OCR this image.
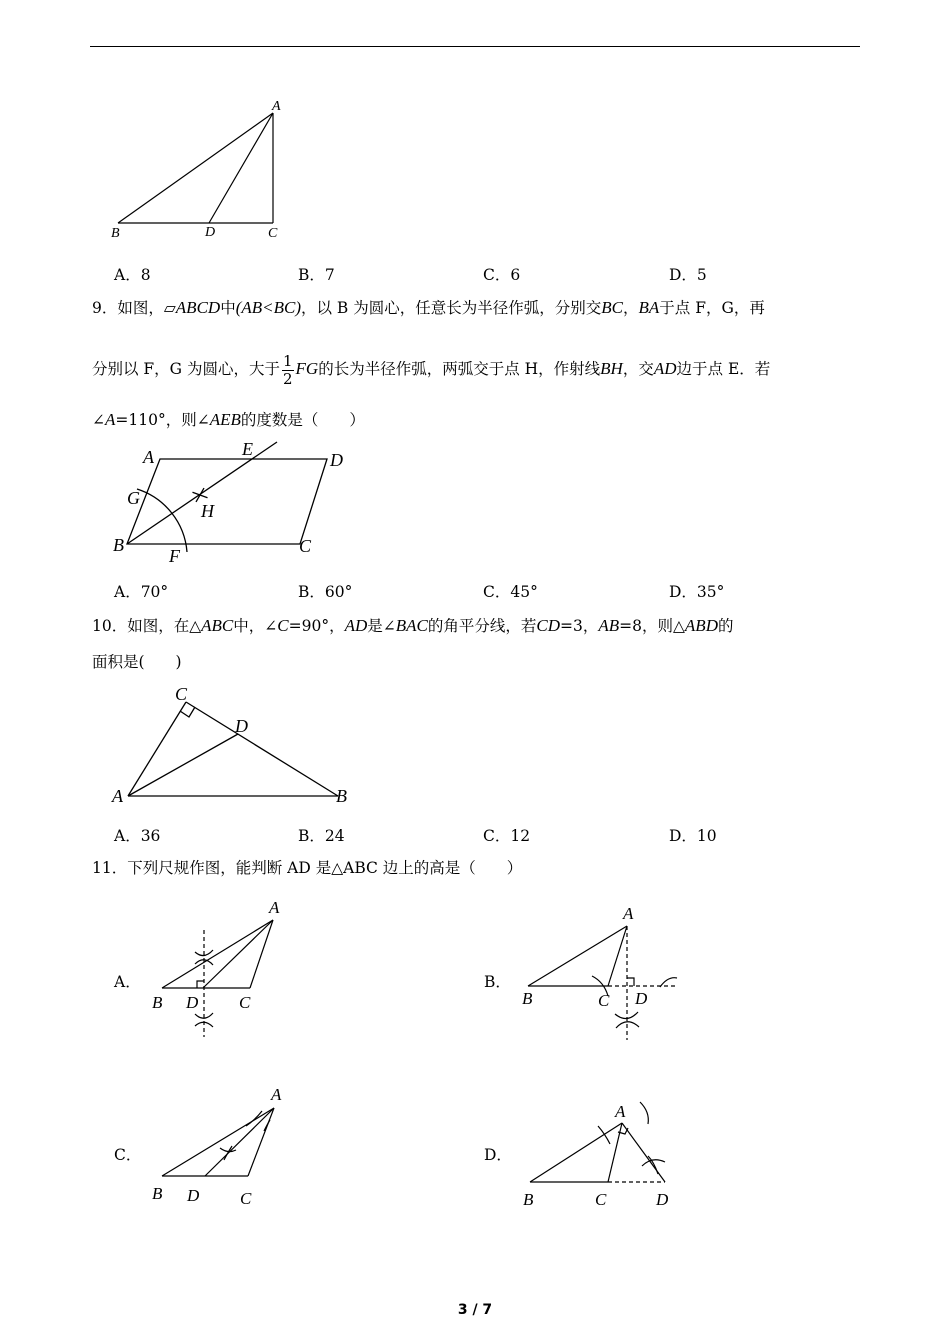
A
B	D	C
A．8	B．7	C．6	D．5
9．如图，▱ABCD中(AB<BC)，以 B 为圆心，任意长为半径作弧，分别交BC，BA于点 F，G，再
分别以 F，G 为圆心，大于 $\frac{1}{2}$ FG的长为半径作弧，两弧交于点 H，作射线BH，交AD边于点 E．若
∠A=110°，则∠AEB的度数是（　　）
A	E
D
G
H
B
F	C
A．70°	B．60°	C．45°	D．35°
10．如图，在△ABC中，∠C=90°，AD是∠BAC的角平分线，若CD=3，AB=8，则△ABD的
面积是(　　)
C
D
A	B
A．36	B．24	C．12	D．10
11．下列尺规作图，能判断 AD 是△ABC 边上的高是（　　）
A．
A
B D C
B．
A
B	C D
C．
A
B D C
D．
A
B	C	D
3 / 7
